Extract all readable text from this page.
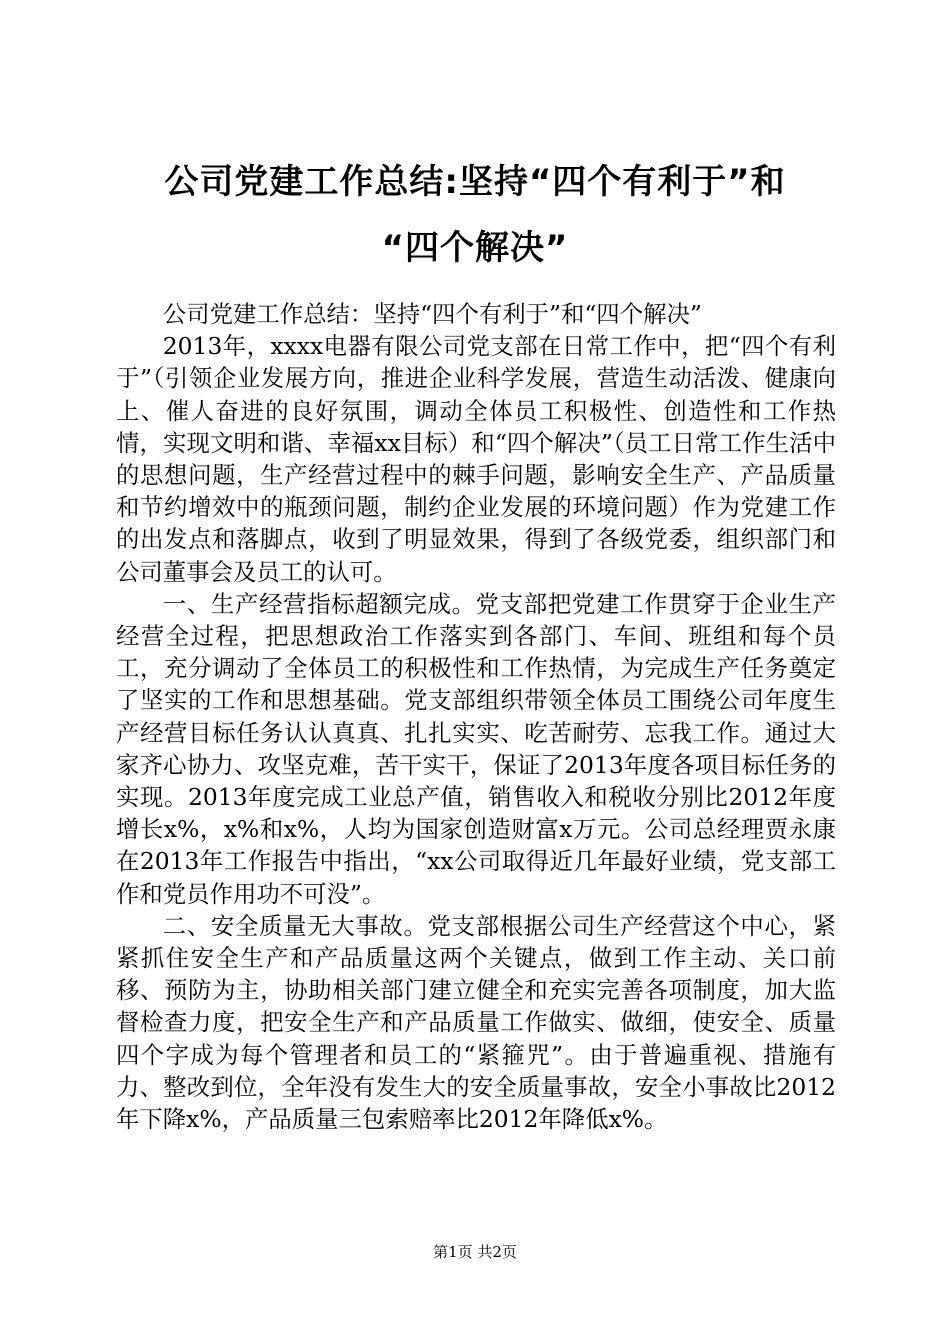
公司党建工作总结:坚持“四个有利于”和
“四个解决”

公司党建工作总结：坚持“四个有利于”和“四个解决”

2013年，xxxx电器有限公司党支部在日常工作中，把“四个有利于”（引领企业发展方向，推进企业科学发展，营造生动活泼、健康向上、催人奋进的良好氛围，调动全体员工积极性、创造性和工作热情，实现文明和谐、幸福xx目标）和“四个解决”（员工日常工作生活中的思想问题，生产经营过程中的棘手问题，影响安全生产、产品质量和节约增效中的瓶颈问题，制约企业发展的环境问题）作为党建工作的出发点和落脚点，收到了明显效果，得到了各级党委，组织部门和公司董事会及员工的认可。

一、生产经营指标超额完成。党支部把党建工作贯穿于企业生产经营全过程，把思想政治工作落实到各部门、车间、班组和每个员工，充分调动了全体员工的积极性和工作热情，为完成生产任务奠定了坚实的工作和思想基础。党支部组织带领全体员工围绕公司年度生产经营目标任务认认真真、扎扎实实、吃苦耐劳、忘我工作。通过大家齐心协力、攻坚克难，苦干实干，保证了2013年度各项目标任务的实现。2013年度完成工业总产值，销售收入和税收分别比2012年度增长x%，x%和x%，人均为国家创造财富x万元。公司总经理贾永康在2013年工作报告中指出，“xx公司取得近几年最好业绩，党支部工作和党员作用功不可没”。

二、安全质量无大事故。党支部根据公司生产经营这个中心，紧紧抓住安全生产和产品质量这两个关键点，做到工作主动、关口前移、预防为主，协助相关部门建立健全和充实完善各项制度，加大监督检查力度，把安全生产和产品质量工作做实、做细，使安全、质量四个字成为每个管理者和员工的“紧箍咒”。由于普遍重视、措施有力、整改到位，全年没有发生大的安全质量事故，安全小事故比2012年下降x%，产品质量三包索赔率比2012年降低x%。

第1页 共2页
